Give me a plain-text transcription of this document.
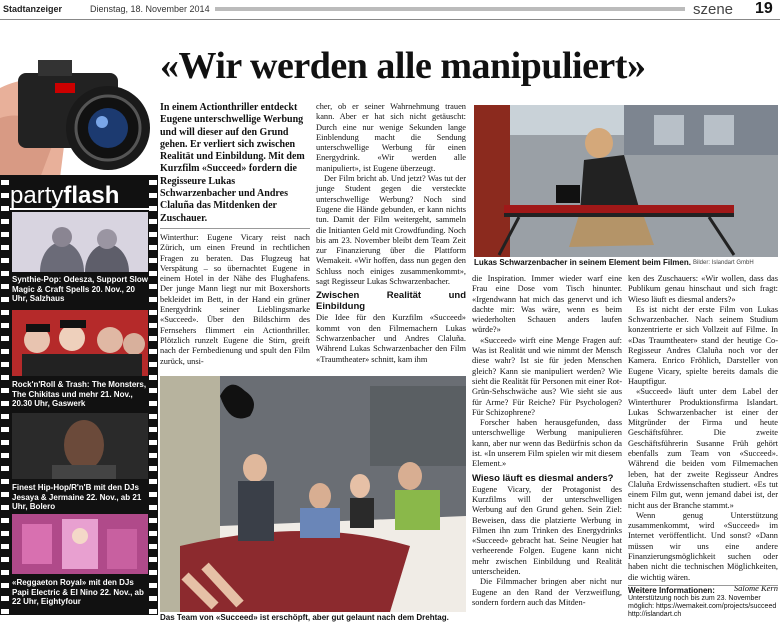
Stadtanzeiger	Dienstag, 18. November 2014	szene 19
«Wir werden alle manipuliert»
partyflash
Synthie-Pop: Odesza, Support Slow Magic & Craft Spells 20. Nov., 20 Uhr, Salzhaus
Rock'n'Roll & Trash: The Monsters, The Chikitas und mehr 21. Nov., 20.30 Uhr, Gaswerk
Finest Hip-Hop/R'n'B mit den DJs Jesaya & Jermaine 22. Nov., ab 21 Uhr, Bolero
«Reggaeton Royal» mit den DJs Papi Electric & El Nino 22. Nov., ab 22 Uhr, Eightyfour
In einem Actionthriller entdeckt Eugene unterschwellige Werbung und will dieser auf den Grund gehen. Er verliert sich zwischen Realität und Einbildung. Mit dem Kurzfilm «Succeed» fordern die Regisseure Lukas Schwarzenbacher und Andres Claluña das Mitdenken der Zuschauer.
Winterthur: Eugene Vicary reist nach Zürich, um einen Freund in rechtlichen Fragen zu beraten. Das Flugzeug hat Verspätung – so übernachtet Eugene in einem Hotel in der Nähe des Flughafens. Der junge Mann liegt nur mit Boxershorts bekleidet im Bett, in der Hand ein grüner Energydrink seiner Lieblingsmarke «Succeed». Über den Bildschirm des Fernsehers flimmert ein Actionthriller. Plötzlich runzelt Eugene die Stirn, greift nach der Fernbedienung und spult den Film zurück, unsi-

cher, ob er seiner Wahrnehmung trauen kann. Aber er hat sich nicht getäuscht: Durch eine nur wenige Sekunden lange Einblendung macht die Sendung unterschwellige Werbung für einen Energydrink. «Wir werden alle manipuliert», ist Eugene überzeugt.

Der Film bricht ab. Und jetzt? Was tut der junge Student gegen die versteckte unterschwellige Werbung? Noch sind Eugene die Hände gebunden, er kann nichts tun. Damit der Film weitergeht, sammeln die Initianten Geld mit Crowdfunding. Noch bis am 23. November bleibt dem Team Zeit zur Finanzierung über die Plattform Wemakeit. «Wir hoffen, dass nun gegen den Schluss noch einiges zusammenkommt», sagt Regisseur Lukas Schwarzenbacher.

Zwischen Realität und Einbildung

Die Idee für den Kurzfilm «Succeed» kommt von den Filmemachern Lukas Schwarzenbacher und Andres Claluña. Während Lukas Schwarzenbacher den Film «Traumtheater» schnitt, kam ihm

Lukas Schwarzenbacher in seinem Element beim Filmen. Bilder: Islandart GmbH

die Inspiration. Immer wieder warf eine Frau eine Dose vom Tisch hinunter. «Irgendwann hat mich das genervt und ich dachte mir: Was wäre, wenn es beim wiederholten Schauen anders laufen würde?»

«Succeed» wirft eine Menge Fragen auf: Was ist Realität und wie nimmt der Mensch diese wahr? Ist sie für jeden Menschen gleich? Kann sie manipuliert werden? Wie sieht die Realität für Personen mit einer Rot-Grün-Sehschwäche aus? Wie sieht sie aus für Arme? Für Reiche? Für Psychologen? Für Schizophrene?

Forscher haben herausgefunden, dass unterschwellige Werbung manipulieren kann, aber nur wenn das Bedürfnis schon da ist. «In unserem Film spielen wir mit diesem Element.»

Wieso läuft es diesmal anders?

Eugene Vicary, der Protagonist des Kurzfilms will der unterschwelligen Werbung auf den Grund gehen. Sein Ziel: Beweisen, dass die platzierte Werbung in Filmen ihn zum Trinken des Energydrinks «Succeed» gebracht hat. Seine Neugier hat verheerende Folgen. Eugene kann nicht mehr zwischen Einbildung und Realität unterscheiden.

Die Filmmacher bringen aber nicht nur Eugene an den Rand der Verzweiflung, sondern fordern auch das Mitden-

ken des Zuschauers: «Wir wollen, dass das Publikum genau hinschaut und sich fragt: Wieso läuft es diesmal anders?»

Es ist nicht der erste Film von Lukas Schwarzenbacher. Nach seinem Studium konzentrierte er sich Vollzeit auf Filme. In «Das Traumtheater» stand der heutige Co-Regisseur Andres Claluña noch vor der Kamera. Enrico Fröhlich, Darsteller von Eugene Vicary, spielte bereits damals die Hauptfigur.

«Succeed» läuft unter dem Label der Winterthurer Produktionsfirma Islandart. Lukas Schwarzenbacher ist einer der Mitgründer der Firma und heute Geschäftsführer. Die zweite Geschäftsführerin Susanne Früh gehört ebenfalls zum Team von «Succeed». Während die beiden vom Filmemachen leben, hat der zweite Regisseur Andres Claluña Erdwissenschaften studiert. «Es tut einem Film gut, wenn jemand dabei ist, der nicht aus der Branche stammt.»

Wenn genug Unterstützung zusammenkommt, wird «Succeed» im Internet veröffentlicht. Und sonst? «Dann müssen wir uns eine andere Finanzierungsmöglichkeit suchen oder haben nicht die technischen Möglichkeiten, die wichtig wären.

Salome Kern

Weitere Informationen:
Unterstützung noch bis zum 23. November möglich: https://wemakeit.com/projects/succeed http://islandart.ch
Das Team von «Succeed» ist erschöpft, aber gut gelaunt nach dem Drehtag.
